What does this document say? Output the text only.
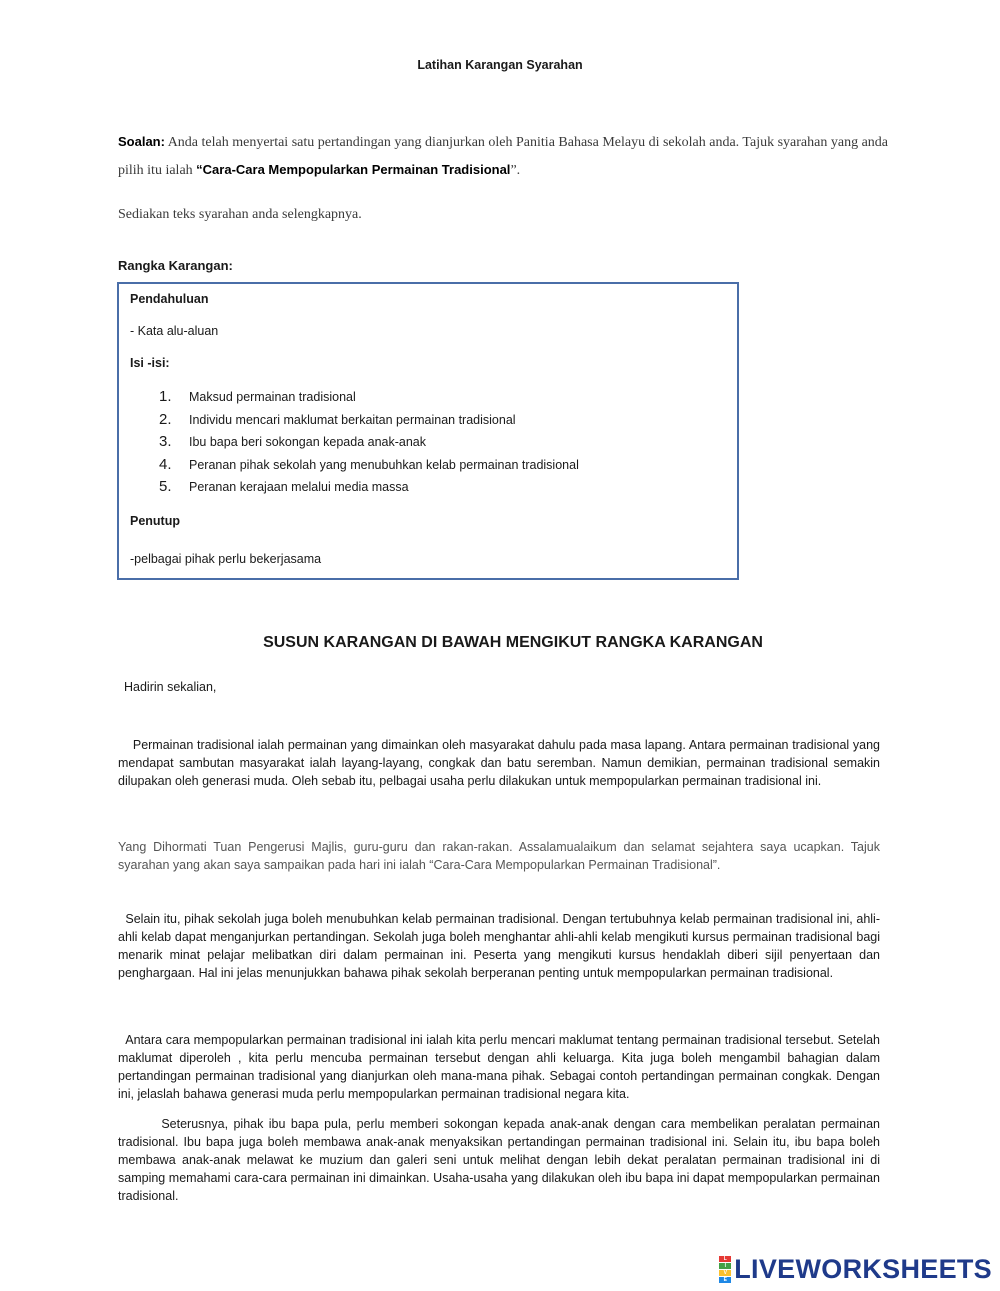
Latihan Karangan Syarahan
Soalan: Anda telah menyertai satu pertandingan yang dianjurkan oleh Panitia Bahasa Melayu di sekolah anda. Tajuk syarahan yang anda pilih itu ialah “Cara-Cara Mempopularkan Permainan Tradisional”.
Sediakan teks syarahan anda selengkapnya.
Rangka Karangan:
Pendahuluan
- Kata alu-aluan
Isi -isi:
1.	Maksud permainan tradisional
2.	Individu mencari maklumat berkaitan permainan tradisional
3.	Ibu bapa beri sokongan kepada anak-anak
4.	Peranan pihak sekolah yang menubuhkan kelab permainan tradisional
5.	Peranan kerajaan melalui media massa
Penutup
-pelbagai pihak perlu bekerjasama
SUSUN KARANGAN DI BAWAH MENGIKUT RANGKA KARANGAN
Hadirin sekalian,
Permainan tradisional ialah permainan yang dimainkan oleh masyarakat dahulu pada masa lapang. Antara permainan tradisional yang mendapat sambutan masyarakat ialah layang-layang, congkak dan batu seremban. Namun demikian, permainan tradisional semakin dilupakan oleh generasi muda. Oleh sebab itu, pelbagai usaha perlu dilakukan untuk mempopularkan permainan tradisional ini.
Yang Dihormati Tuan Pengerusi Majlis, guru-guru dan rakan-rakan. Assalamualaikum dan selamat sejahtera saya ucapkan. Tajuk syarahan yang akan saya sampaikan pada hari ini ialah “Cara-Cara Mempopularkan Permainan Tradisional”.
Selain itu, pihak sekolah juga boleh menubuhkan kelab permainan tradisional. Dengan tertubuhnya kelab permainan tradisional ini, ahli-ahli kelab dapat menganjurkan pertandingan. Sekolah juga boleh menghantar ahli-ahli kelab mengikuti kursus permainan tradisional bagi menarik minat pelajar melibatkan diri dalam permainan ini. Peserta yang mengikuti kursus hendaklah diberi sijil penyertaan dan penghargaan. Hal ini jelas menunjukkan bahawa pihak sekolah berperanan penting untuk mempopularkan permainan tradisional.
Antara cara mempopularkan permainan tradisional ini ialah kita perlu mencari maklumat tentang permainan tradisional tersebut. Setelah maklumat diperoleh , kita perlu mencuba permainan tersebut dengan ahli keluarga. Kita juga boleh mengambil bahagian dalam pertandingan permainan tradisional yang dianjurkan oleh mana-mana pihak. Sebagai contoh pertandingan permainan congkak. Dengan ini, jelaslah bahawa generasi muda perlu mempopularkan permainan tradisional negara kita.
Seterusnya, pihak ibu bapa pula, perlu memberi sokongan kepada anak-anak dengan cara membelikan peralatan permainan tradisional. Ibu bapa juga boleh membawa anak-anak menyaksikan pertandingan permainan tradisional ini. Selain itu, ibu bapa boleh membawa anak-anak melawat ke muzium dan galeri seni untuk melihat dengan lebih dekat peralatan permainan tradisional ini di samping memahami cara-cara permainan ini dimainkan. Usaha-usaha yang dilakukan oleh ibu bapa ini dapat mempopularkan permainan tradisional.
L
I
V
E LIVEWORKSHEETS
